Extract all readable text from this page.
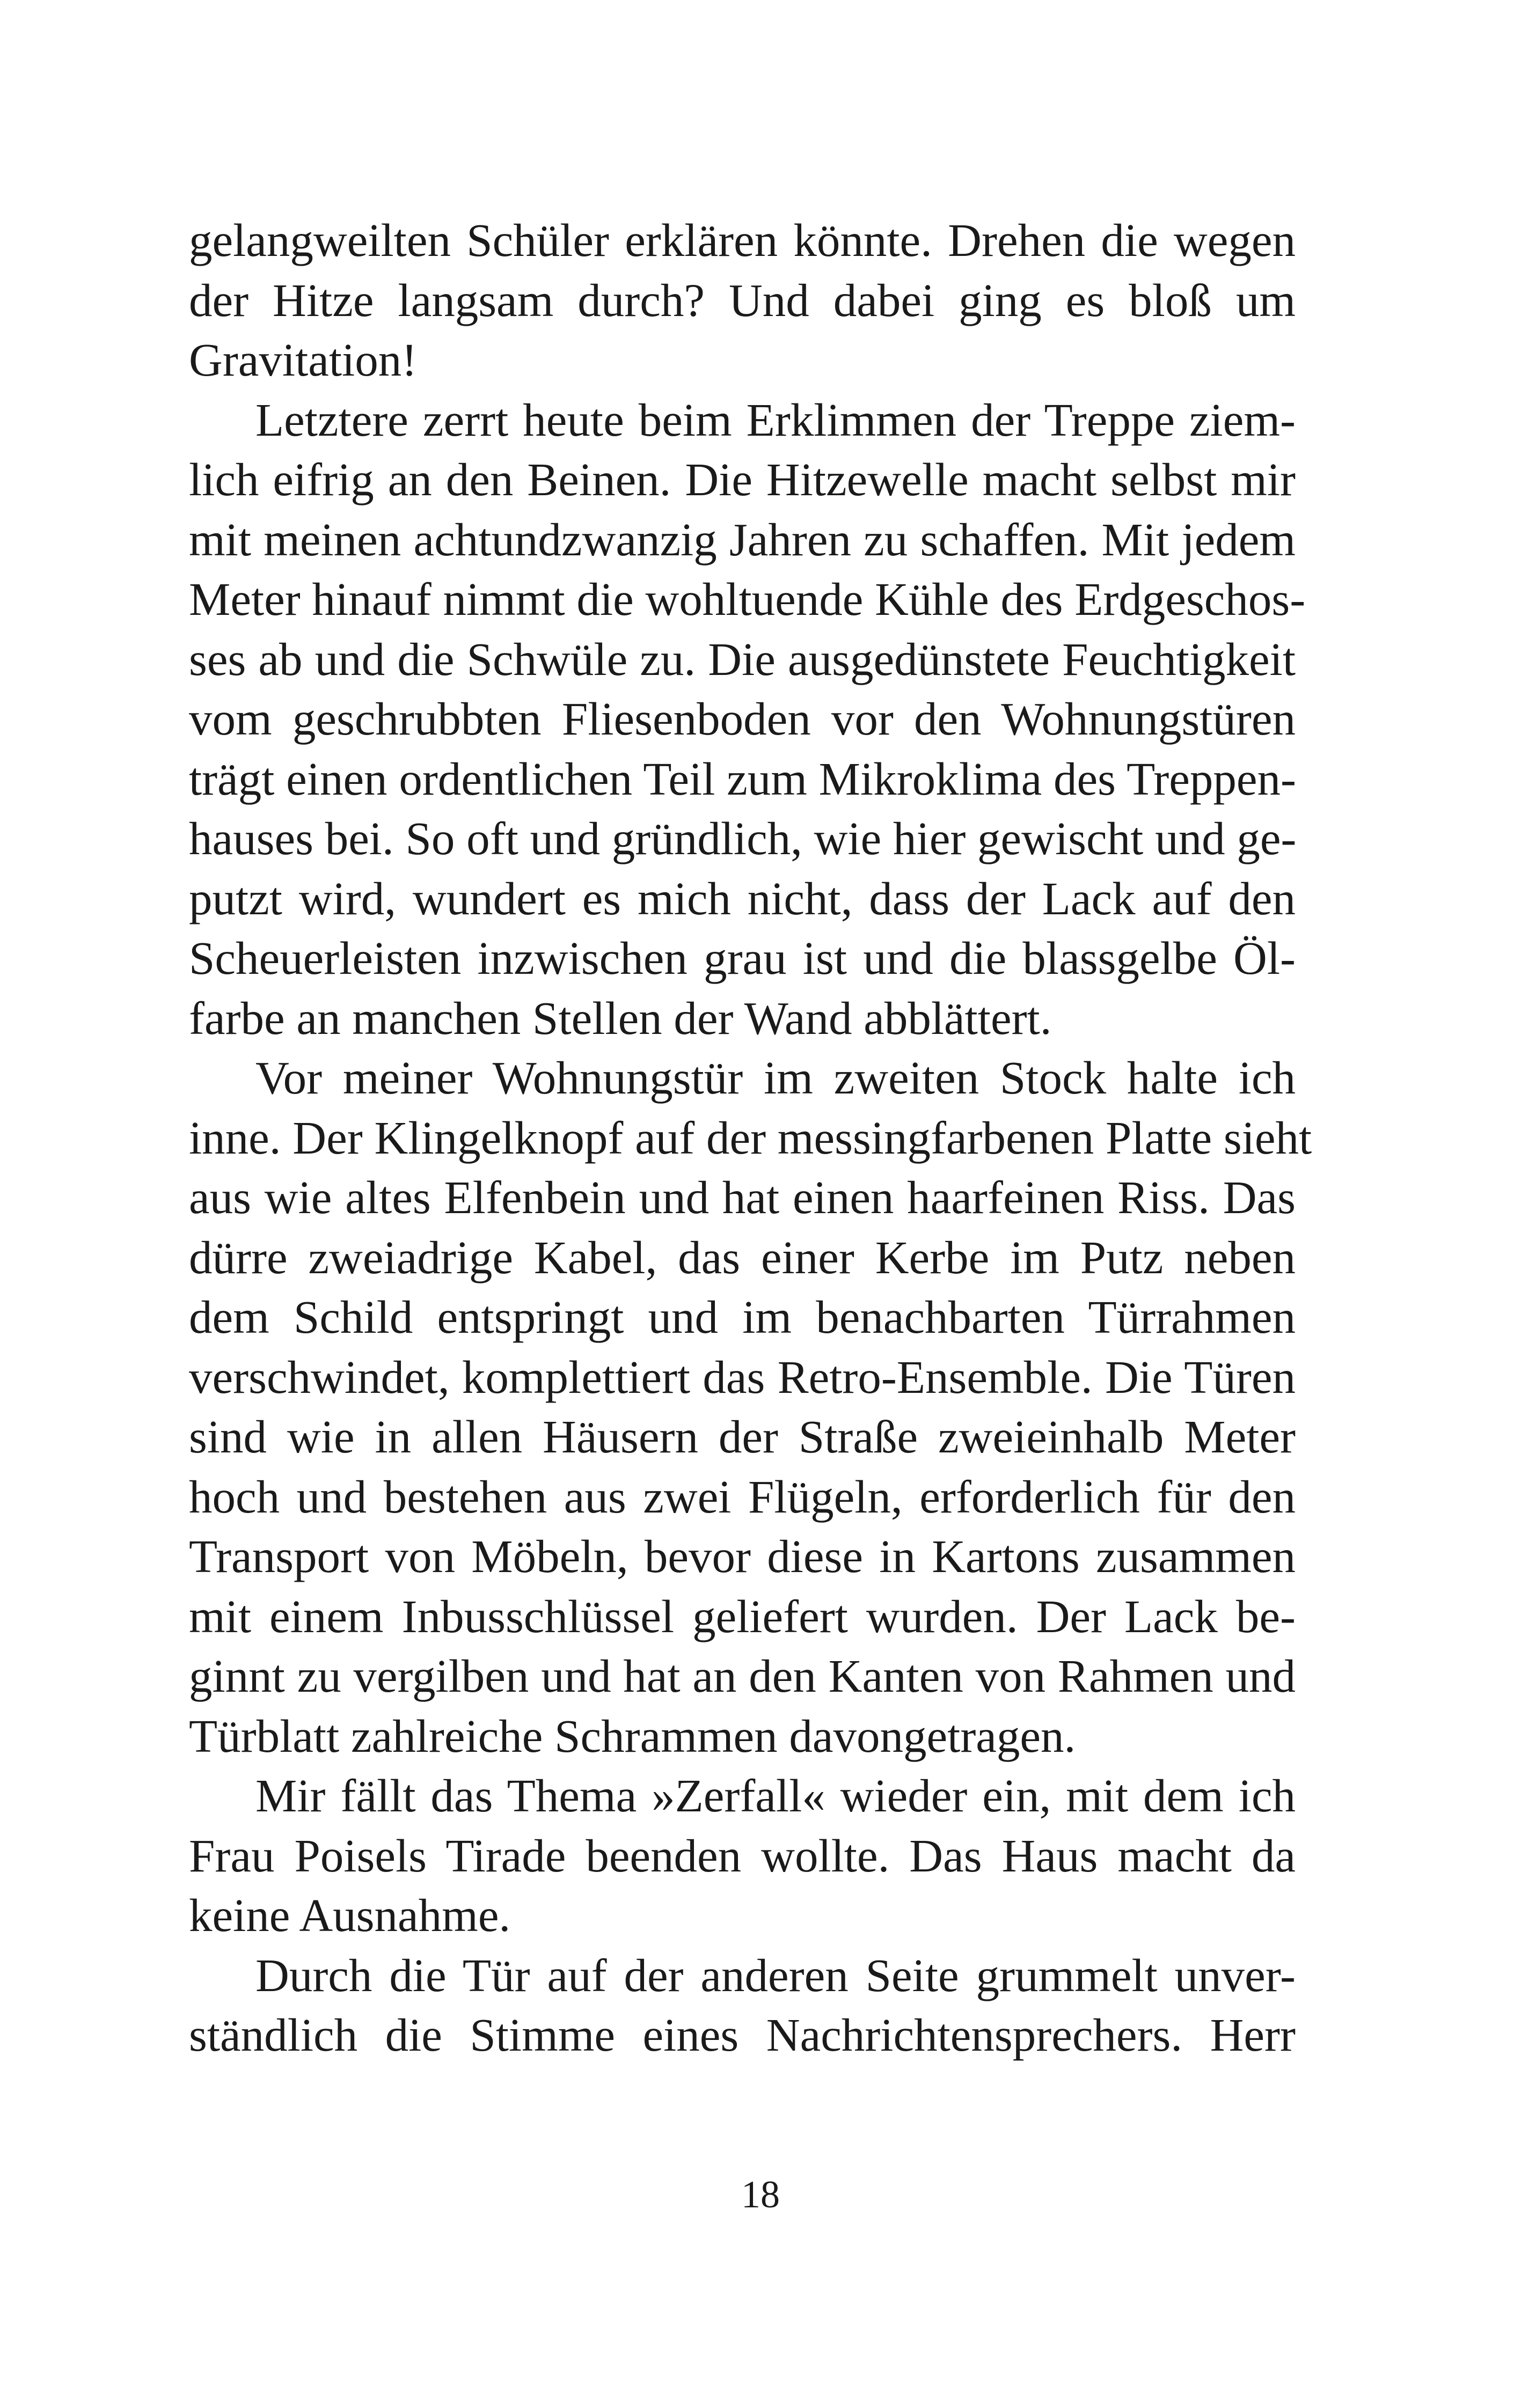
gelangweilten Schüler erklären könnte. Drehen die wegen
der Hitze langsam durch? Und dabei ging es bloß um
Gravitation!
Letztere zerrt heute beim Erklimmen der Treppe ziem-
lich eifrig an den Beinen. Die Hitzewelle macht selbst mir
mit meinen achtundzwanzig Jahren zu schaffen. Mit jedem
Meter hinauf nimmt die wohltuende Kühle des Erdgeschos-
ses ab und die Schwüle zu. Die ausgedünstete Feuchtigkeit
vom geschrubbten Fliesenboden vor den Wohnungstüren
trägt einen ordentlichen Teil zum Mikroklima des Treppen-
hauses bei. So oft und gründlich, wie hier gewischt und ge-
putzt wird, wundert es mich nicht, dass der Lack auf den
Scheuerleisten inzwischen grau ist und die blassgelbe Öl-
farbe an manchen Stellen der Wand abblättert.
Vor meiner Wohnungstür im zweiten Stock halte ich
inne. Der Klingelknopf auf der messingfarbenen Platte sieht
aus wie altes Elfenbein und hat einen haarfeinen Riss. Das
dürre zweiadrige Kabel, das einer Kerbe im Putz neben
dem Schild entspringt und im benachbarten Türrahmen
verschwindet, komplettiert das Retro-Ensemble. Die Türen
sind wie in allen Häusern der Straße zweieinhalb Meter
hoch und bestehen aus zwei Flügeln, erforderlich für den
Transport von Möbeln, bevor diese in Kartons zusammen
mit einem Inbusschlüssel geliefert wurden. Der Lack be-
ginnt zu vergilben und hat an den Kanten von Rahmen und
Türblatt zahlreiche Schrammen davongetragen.
Mir fällt das Thema »Zerfall« wieder ein, mit dem ich
Frau Poisels Tirade beenden wollte. Das Haus macht da
keine Ausnahme.
Durch die Tür auf der anderen Seite grummelt unver-
ständlich die Stimme eines Nachrichtensprechers. Herr
18
